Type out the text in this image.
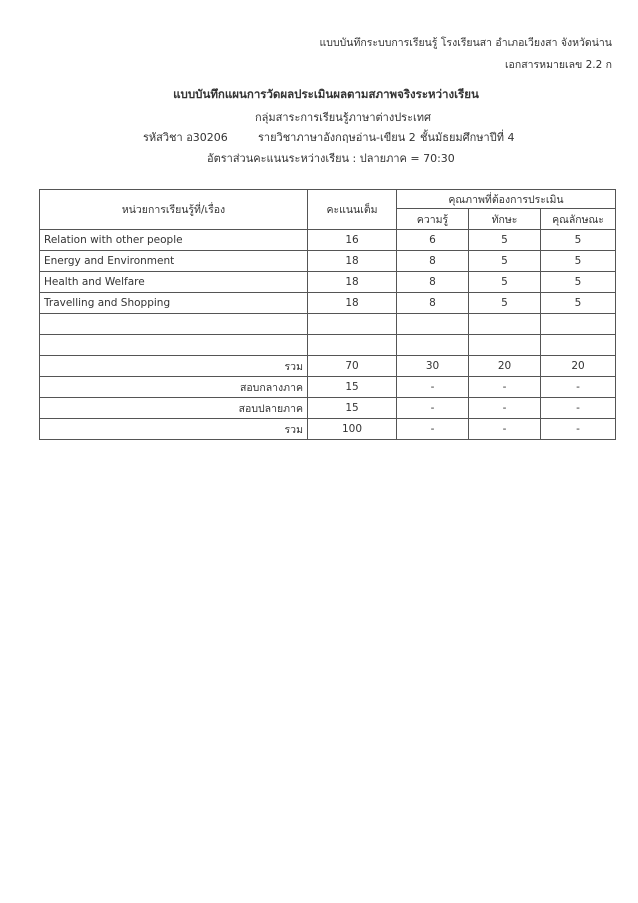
แบบบันทึกระบบการเรียนรู้ โรงเรียนสา อำเภอเวียงสา จังหวัดน่าน
เอกสารหมายเลข 2.2 ก
แบบบันทึกแผนการวัดผลประเมินผลตามสภาพจริงระหว่างเรียน
กลุ่มสาระการเรียนรู้ภาษาต่างประเทศ
รหัสวิชา อ30206	รายวิชาภาษาอังกฤษอ่าน-เขียน 2 ชั้นมัธยมศึกษาปีที่ 4
อัตราส่วนคะแนนระหว่างเรียน : ปลายภาค = 70:30
หน่วยการเรียนรู้ที่/เรื่อง	คะแนนเต็ม	คุณภาพที่ต้องการประเมิน		
		ความรู้	ทักษะ	คุณลักษณะ
Relation with other people	16	6	5	5
Energy and Environment	18	8	5	5
Health and Welfare	18	8	5	5
Travelling and Shopping	18	8	5	5

รวม	70	30	20	20
สอบกลางภาค	15	-	-	-
สอบปลายภาค	15	-	-	-
รวม	100	-	-	-
